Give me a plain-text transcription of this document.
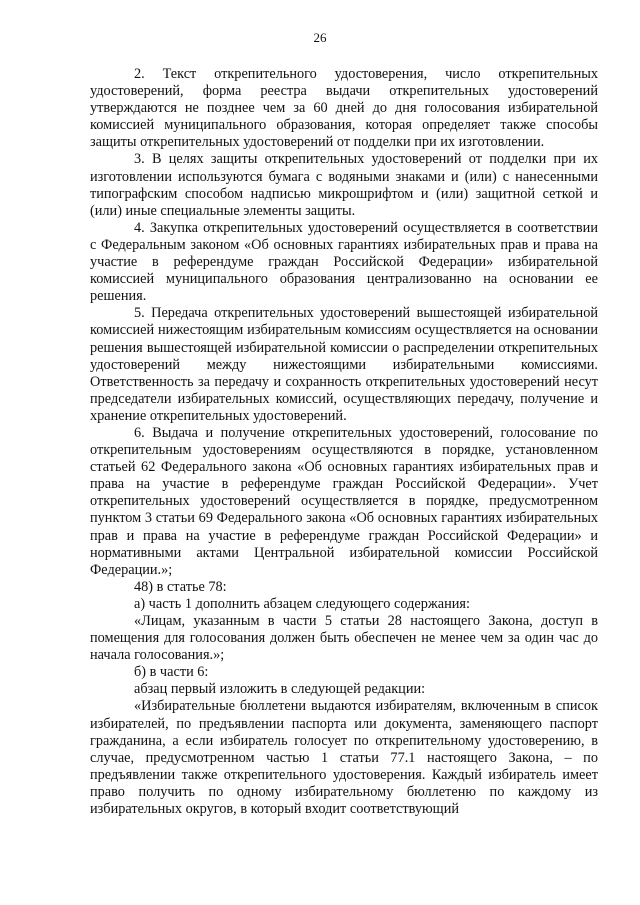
26

2. Текст открепительного удостоверения, число открепительных удостоверений, форма реестра выдачи открепительных удостоверений утверждаются не позднее чем за 60 дней до дня голосования избирательной комиссией муниципального образования, которая определяет также способы защиты открепительных удостоверений от подделки при их изготовлении.

3. В целях защиты открепительных удостоверений от подделки при их изготовлении используются бумага с водяными знаками и (или) с нанесенными типографским способом надписью микрошрифтом и (или) защитной сеткой и (или) иные специальные элементы защиты.

4. Закупка открепительных удостоверений осуществляется в соответствии с Федеральным законом «Об основных гарантиях избирательных прав и права на участие в референдуме граждан Российской Федерации» избирательной комиссией муниципального образования централизованно на основании ее решения.

5. Передача открепительных удостоверений вышестоящей избирательной комиссией нижестоящим избирательным комиссиям осуществляется на основании решения вышестоящей избирательной комиссии о распределении открепительных удостоверений между нижестоящими избирательными комиссиями. Ответственность за передачу и сохранность открепительных удостоверений несут председатели избирательных комиссий, осуществляющих передачу, получение и хранение открепительных удостоверений.

6. Выдача и получение открепительных удостоверений, голосование по открепительным удостоверениям осуществляются в порядке, установленном статьей 62 Федерального закона «Об основных гарантиях избирательных прав и права на участие в референдуме граждан Российской Федерации». Учет открепительных удостоверений осуществляется в порядке, предусмотренном пунктом 3 статьи 69 Федерального закона «Об основных гарантиях избирательных прав и права на участие в референдуме граждан Российской Федерации» и нормативными актами Центральной избирательной комиссии Российской Федерации.»;

48) в статье 78:

а) часть 1 дополнить абзацем следующего содержания:

«Лицам, указанным в части 5 статьи 28 настоящего Закона, доступ в помещения для голосования должен быть обеспечен не менее чем за один час до начала голосования.»;

б) в части 6:

абзац первый изложить в следующей редакции:

«Избирательные бюллетени выдаются избирателям, включенным в список избирателей, по предъявлении паспорта или документа, заменяющего паспорт гражданина, а если избиратель голосует по открепительному удостоверению, в случае, предусмотренном частью 1 статьи 77.1 настоящего Закона, – по предъявлении также открепительного удостоверения. Каждый избиратель имеет право получить по одному избирательному бюллетеню по каждому из избирательных округов, в который входит соответствующий
